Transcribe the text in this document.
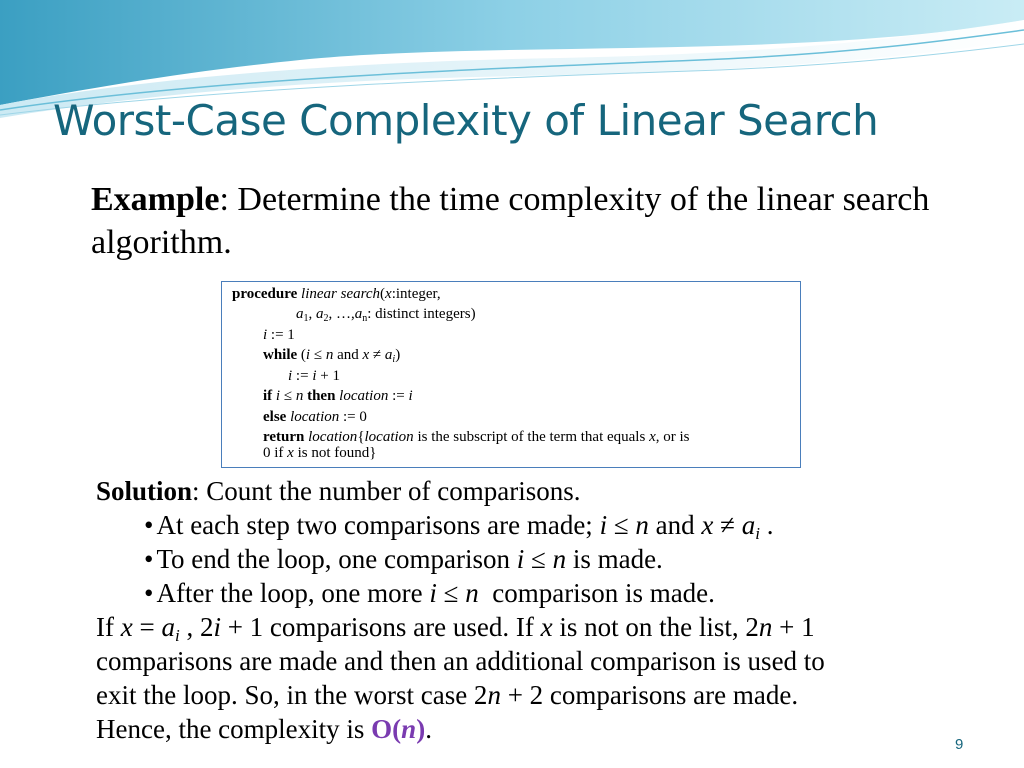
Worst-Case Complexity of Linear Search

Example: Determine the time complexity of the linear search algorithm.

procedure linear search(x:integer,
$a_1$, $a_2$, $\dots,a_n$: distinct integers)
i := 1
while (i ≤ n and $x \ne a_i$)
i := i + 1
if i ≤ n then location := i
else location := 0
return location{location is the subscript of the term that equals x, or is
0 if x is not found}
Solution: Count the number of comparisons.
• At each step two comparisons are made; i ≤ n and $x \ne a_i$ .
• To end the loop, one comparison i ≤ n is made.
• After the loop, one more i ≤ n  comparison is made.
If $x = a_i$ , 2i + 1 comparisons are used. If x is not on the list, 2n + 1
comparisons are made and then an additional comparison is used to
exit the loop. So, in the worst case 2n + 2 comparisons are made.
Hence, the complexity is O(n).
9
